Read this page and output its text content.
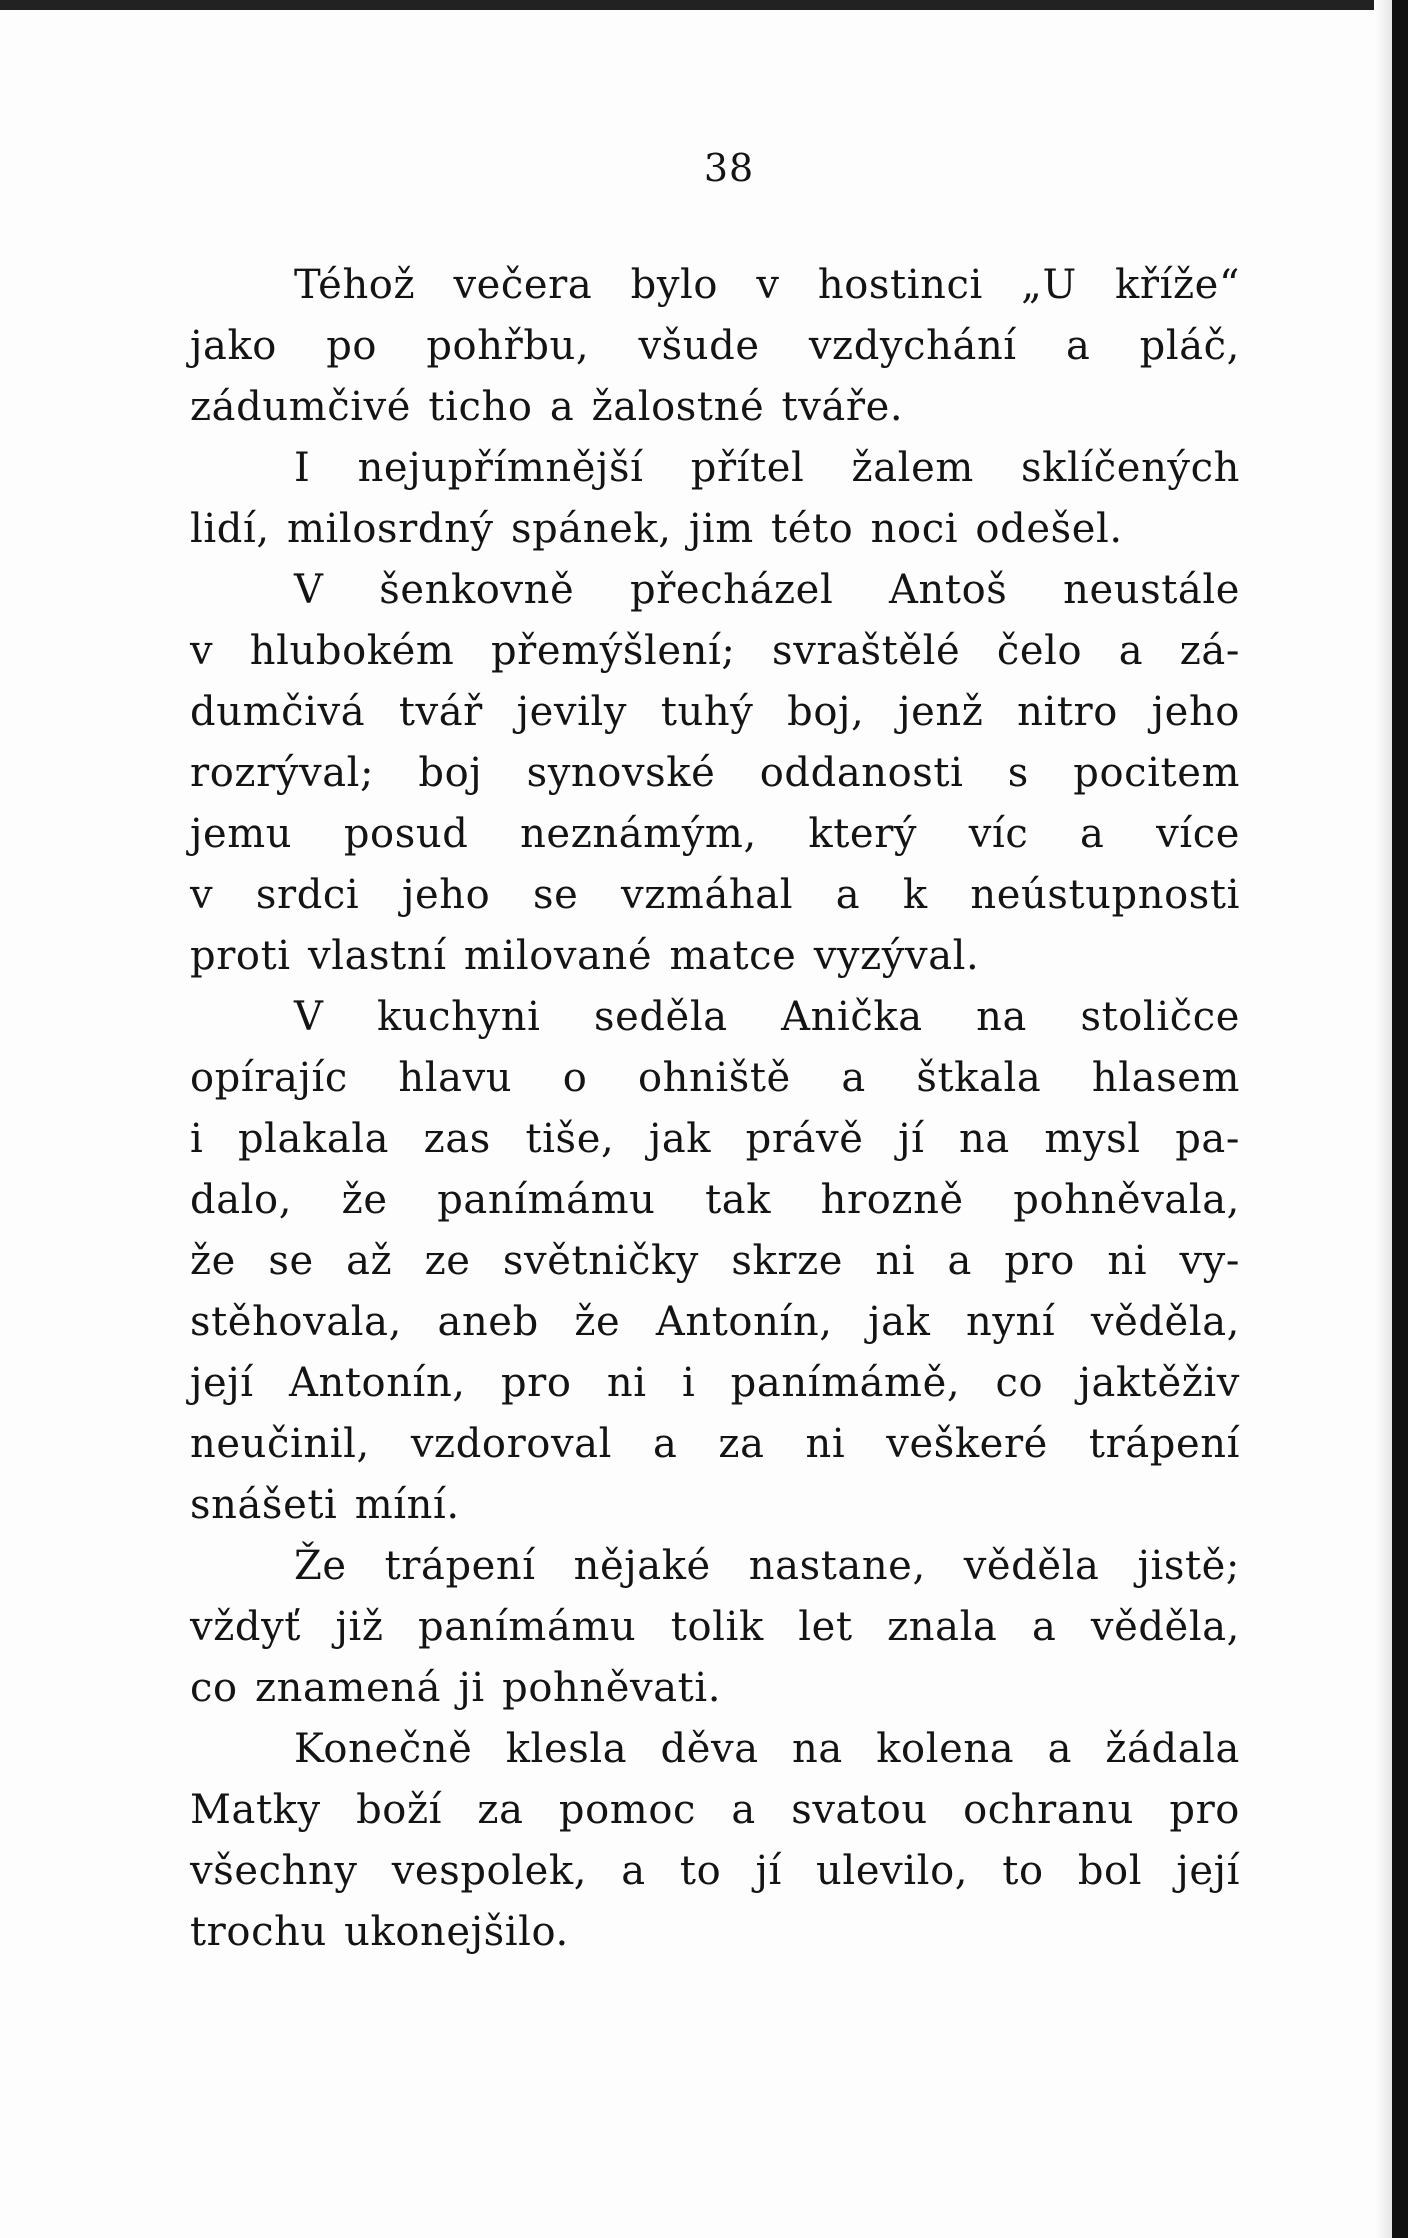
38
Téhož večera bylo v hostinci „U kříže“
jako po pohřbu, všude vzdychání a pláč,
zádumčivé ticho a žalostné tváře.
I nejupřímnější přítel žalem sklíčených
lidí, milosrdný spánek, jim této noci odešel.
V šenkovně přecházel Antoš neustále
v hlubokém přemýšlení; svraštělé čelo a zá-
dumčivá tvář jevily tuhý boj, jenž nitro jeho
rozrýval; boj synovské oddanosti s pocitem
jemu posud neznámým, který víc a více
v srdci jeho se vzmáhal a k neústupnosti
proti vlastní milované matce vyzýval.
V kuchyni seděla Anička na stoličce
opírajíc hlavu o ohniště a štkala hlasem
i plakala zas tiše, jak právě jí na mysl pa-
dalo, že panímámu tak hrozně pohněvala,
že se až ze světničky skrze ni a pro ni vy-
stěhovala, aneb že Antonín, jak nyní věděla,
její Antonín, pro ni i panímámě, co jaktěživ
neučinil, vzdoroval a za ni veškeré trápení
snášeti míní.
Že trápení nějaké nastane, věděla jistě;
vždyť již panímámu tolik let znala a věděla,
co znamená ji pohněvati.
Konečně klesla děva na kolena a žádala
Matky boží za pomoc a svatou ochranu pro
všechny vespolek, a to jí ulevilo, to bol její
trochu ukonejšilo.
